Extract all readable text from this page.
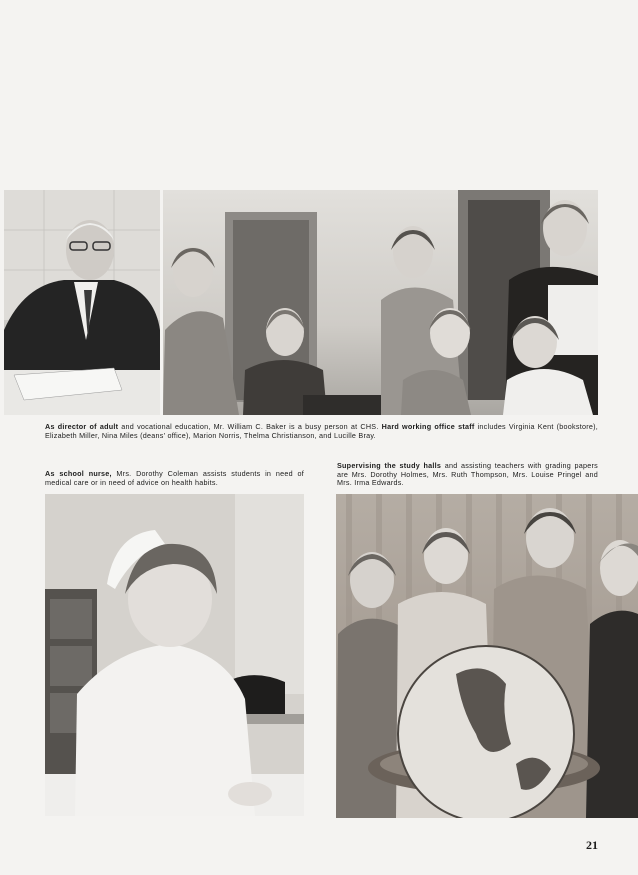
As director of adult and vocational education, Mr. William C. Baker is a busy person at CHS. Hard working office staff includes Virginia Kent (bookstore), Elizabeth Miller, Nina Miles (deans' office), Marion Norris, Thelma Christianson, and Lucille Bray.
As school nurse, Mrs. Dorothy Coleman assists students in need of medical care or in need of advice on health habits.
Supervising the study halls and assisting teachers with grading papers are Mrs. Dorothy Holmes, Mrs. Ruth Thompson, Mrs. Louise Pringel and Mrs. Irma Edwards.
21
